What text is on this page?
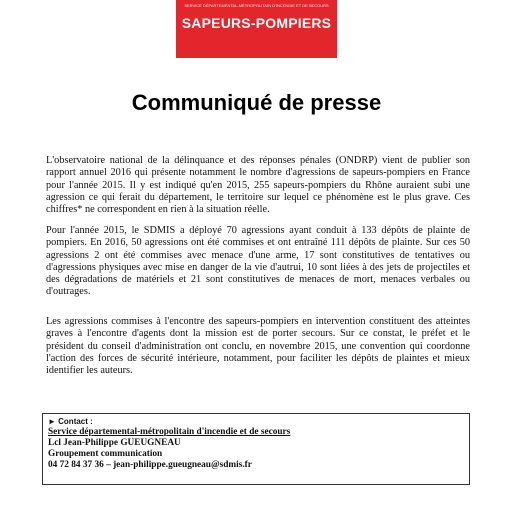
SERVICE DÉPARTEMENTAL-MÉTROPOLITAIN D'INCENDIE ET DE SECOURS
SAPEURS-POMPIERS
Communiqué de presse

L'observatoire national de la délinquance et des réponses pénales (ONDRP) vient de publier son rapport annuel 2016 qui présente notamment le nombre d'agressions de sapeurs-pompiers en France pour l'année 2015. Il y est indiqué qu'en 2015, 255 sapeurs-pompiers du Rhône auraient subi une agression ce qui ferait du département, le territoire sur lequel ce phénomène est le plus grave. Ces chiffres* ne correspondent en rien à la situation réelle.

Pour l'année 2015, le SDMIS a déployé 70 agressions ayant conduit à 133 dépôts de plainte de pompiers. En 2016, 50 agressions ont été commises et ont entraîné 111 dépôts de plainte. Sur ces 50 agressions 2 ont été commises avec menace d'une arme, 17 sont constitutives de tentatives ou d'agressions physiques avec mise en danger de la vie d'autrui, 10 sont liées à des jets de projectiles et des dégradations de matériels et 21 sont constitutives de menaces de mort, menaces verbales ou d'outrages.

Les agressions commises à l'encontre des sapeurs-pompiers en intervention constituent des atteintes graves à l'encontre d'agents dont la mission est de porter secours. Sur ce constat, le préfet et le président du conseil d'administration ont conclu, en novembre 2015, une convention qui coordonne l'action des forces de sécurité intérieure, notamment, pour faciliter les dépôts de plaintes et mieux identifier les auteurs.

► Contact :
Service départemental-métropolitain d'incendie et de secours
Lcl Jean-Philippe GUEUGNEAU
Groupement communication
04 72 84 37 36 – jean-philippe.gueugneau@sdmis.fr
